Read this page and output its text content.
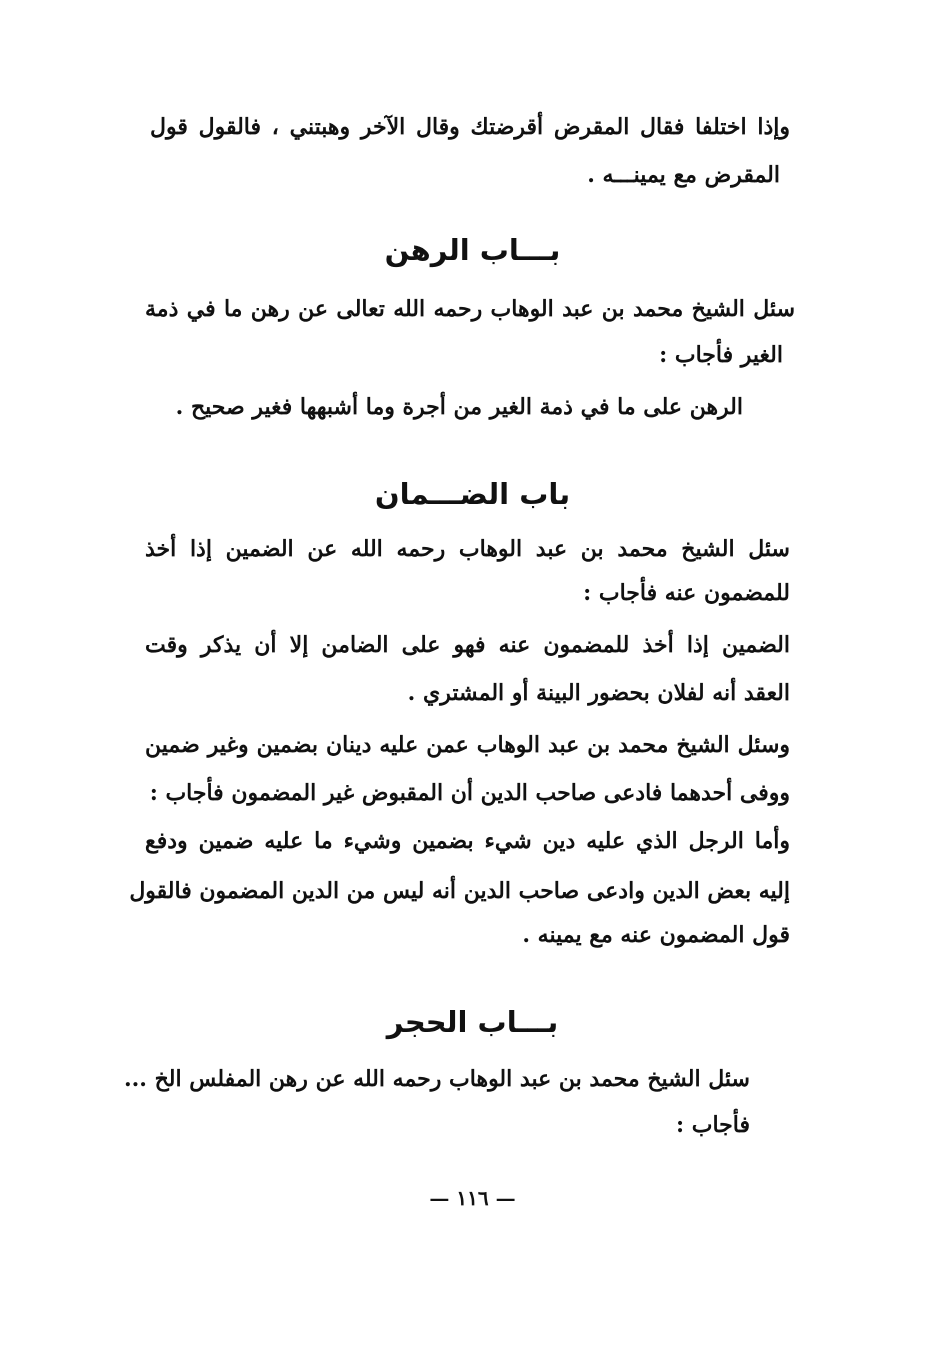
وإذا اختلفا فقال المقرض أقرضتك وقال الآخر وهبتني ، فالقول قول
المقرض مع يمينـــه .
بـــاب الرهن
سئل الشيخ محمد بن عبد الوهاب رحمه الله تعالى عن رهن ما في ذمة
الغير فأجاب :
الرهن على ما في ذمة الغير من أجرة وما أشبهها فغير صحيح .
باب الضـــمان
سئل الشيخ محمد بن عبد الوهاب رحمه الله عن الضمين إذا أخذ
للمضمون عنه فأجاب :
الضمين إذا أخذ للمضمون عنه فهو على الضامن إلا أن يذكر وقت
العقد أنه لفلان بحضور البينة أو المشتري .
وسئل الشيخ محمد بن عبد الوهاب عمن عليه دينان بضمين وغير ضمين
ووفى أحدهما فادعى صاحب الدين أن المقبوض غير المضمون فأجاب :
وأما الرجل الذي عليه دين شيء بضمين وشيء ما عليه ضمين ودفع
إليه بعض الدين وادعى صاحب الدين أنه ليس من الدين المضمون فالقول
قول المضمون عنه مع يمينه .
بـــاب الحجر
سئل الشيخ محمد بن عبد الوهاب رحمه الله عن رهن المفلس الخ ...
فأجاب :
— ١١٦ —
